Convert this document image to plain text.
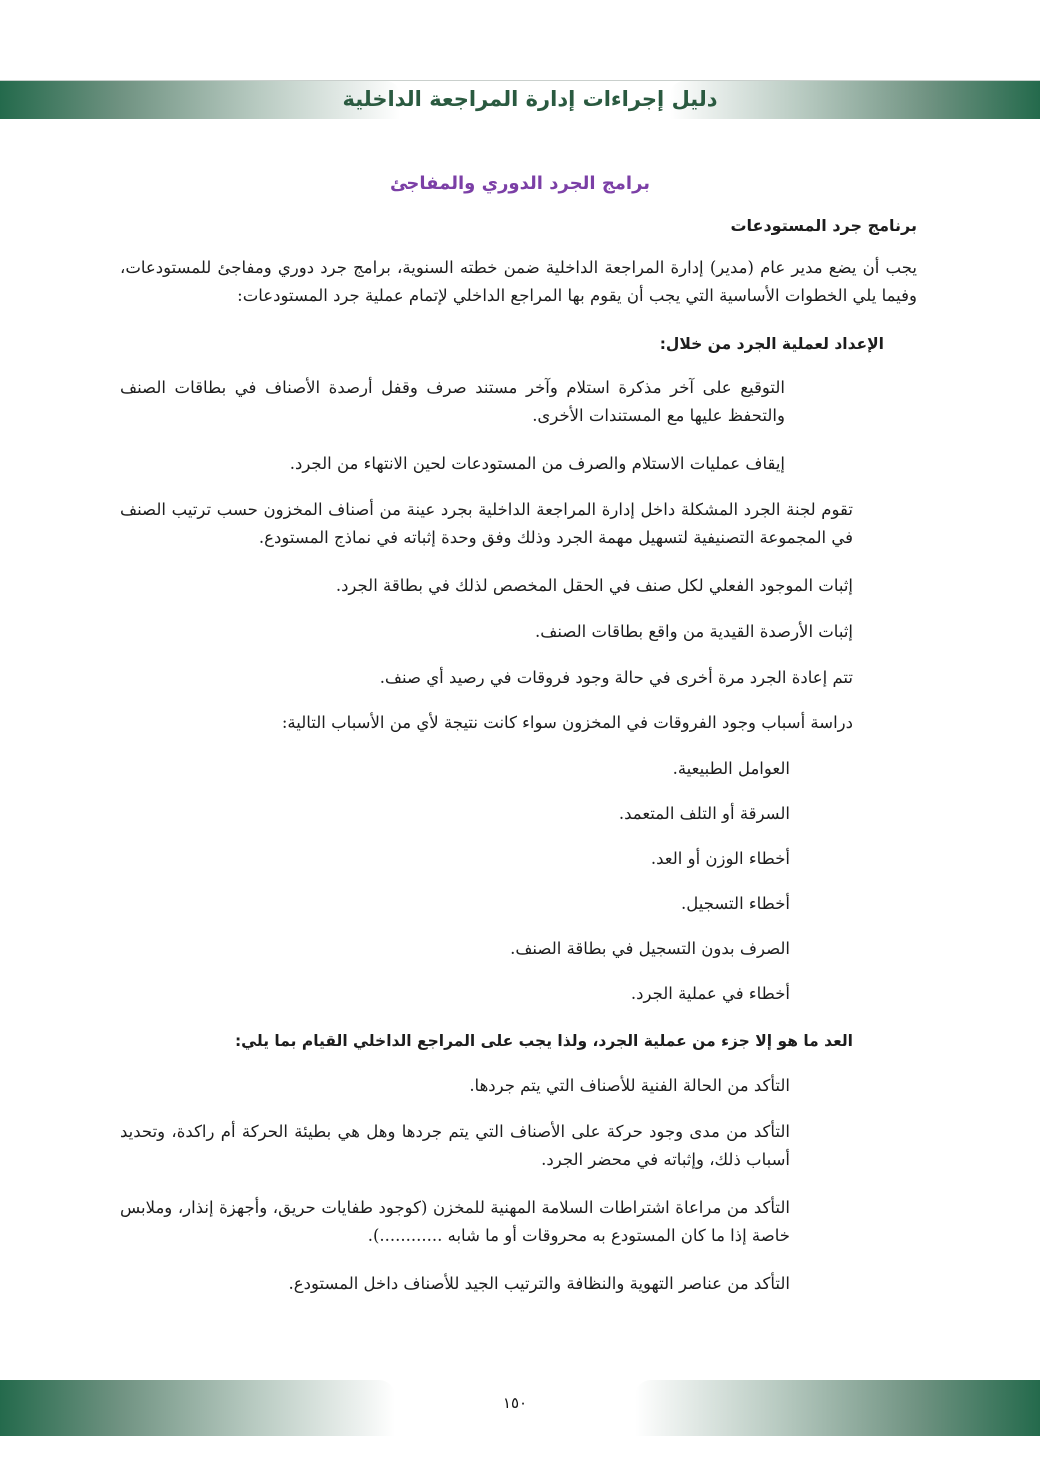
دليل إجراءات إدارة المراجعة الداخلية
برامج الجرد الدوري والمفاجئ
برنامج جرد المستودعات
يجب أن يضع مدير عام (مدير) إدارة المراجعة الداخلية ضمن خطته السنوية، برامج جرد دوري ومفاجئ للمستودعات، وفيما يلي الخطوات الأساسية التي يجب أن يقوم بها المراجع الداخلي لإتمام عملية جرد المستودعات:
الإعداد لعملية الجرد من خلال:
التوقيع على آخر مذكرة استلام وآخر مستند صرف وقفل أرصدة الأصناف في بطاقات الصنف والتحفظ عليها مع المستندات الأخرى.
إيقاف عمليات الاستلام والصرف من المستودعات لحين الانتهاء من الجرد.
تقوم لجنة الجرد المشكلة داخل إدارة المراجعة الداخلية بجرد عينة من أصناف المخزون حسب ترتيب الصنف في المجموعة التصنيفية لتسهيل مهمة الجرد وذلك وفق وحدة إثباته في نماذج المستودع.
إثبات الموجود الفعلي لكل صنف في الحقل المخصص لذلك في بطاقة الجرد.
إثبات الأرصدة القيدية من واقع بطاقات الصنف.
تتم إعادة الجرد مرة أخرى في حالة وجود فروقات في رصيد أي صنف.
دراسة أسباب وجود الفروقات في المخزون سواء كانت نتيجة لأي من الأسباب التالية:
العوامل الطبيعية.
السرقة أو التلف المتعمد.
أخطاء الوزن أو العد.
أخطاء التسجيل.
الصرف بدون التسجيل في بطاقة الصنف.
أخطاء في عملية الجرد.
العد ما هو إلا جزء من عملية الجرد، ولذا يجب على المراجع الداخلي القيام بما يلي:
التأكد من الحالة الفنية للأصناف التي يتم جردها.
التأكد من مدى وجود حركة على الأصناف التي يتم جردها وهل هي بطيئة الحركة أم راكدة، وتحديد أسباب ذلك، وإثباته في محضر الجرد.
التأكد من مراعاة اشتراطات السلامة المهنية للمخزن (كوجود طفايات حريق، وأجهزة إنذار، وملابس خاصة إذا ما كان المستودع به محروقات أو ما شابه ............).
التأكد من عناصر التهوية والنظافة والترتيب الجيد للأصناف داخل المستودع.
١٥٠
